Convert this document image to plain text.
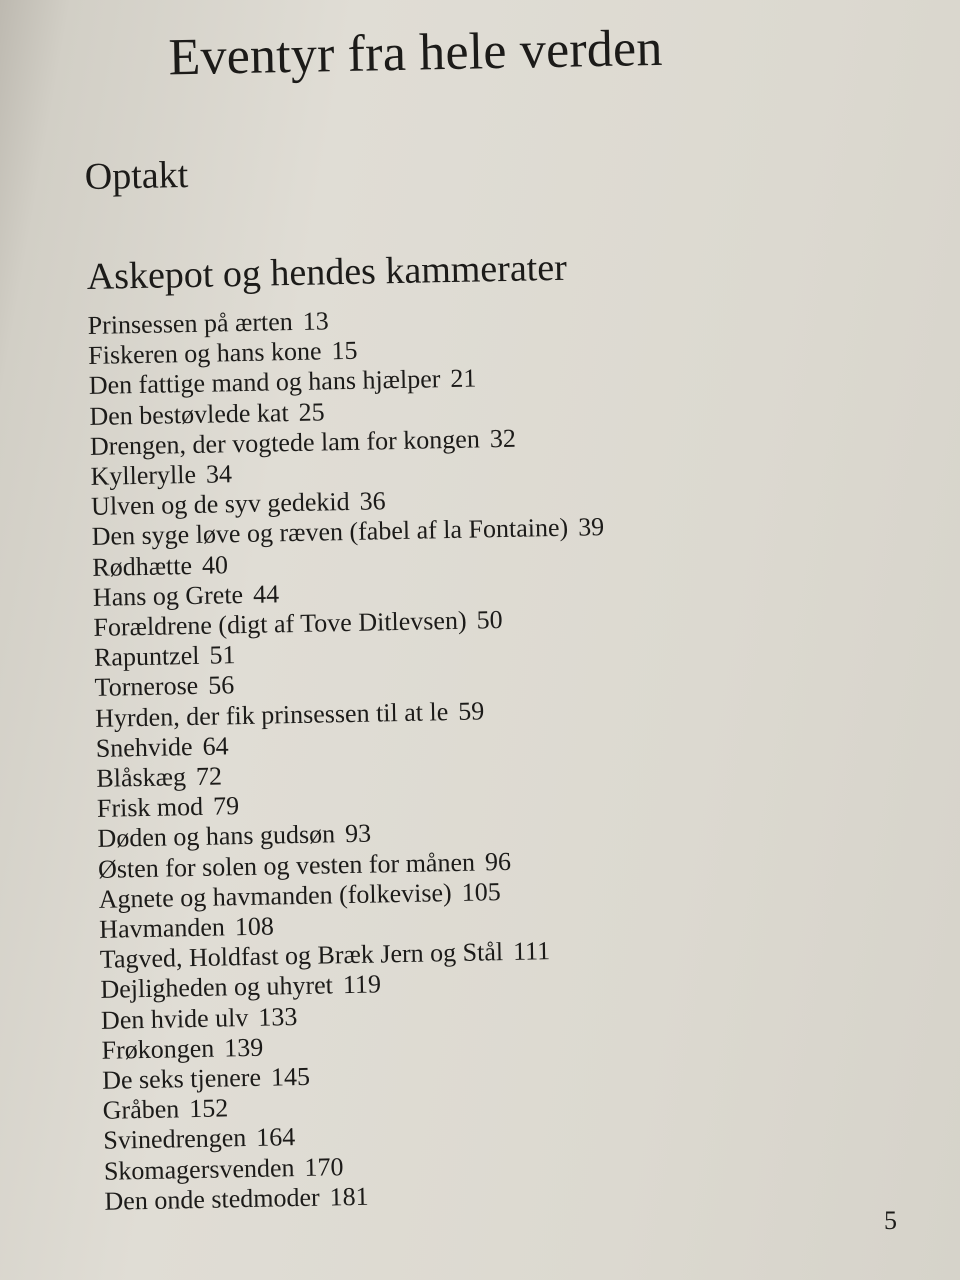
Eventyr fra hele verden
Optakt
Askepot og hendes kammerater
Prinsessen på ærten 13
Fiskeren og hans kone 15
Den fattige mand og hans hjælper 21
Den bestøvlede kat 25
Drengen, der vogtede lam for kongen 32
Kyllerylle 34
Ulven og de syv gedekid 36
Den syge løve og ræven (fabel af la Fontaine) 39
Rødhætte 40
Hans og Grete 44
Forældrene (digt af Tove Ditlevsen) 50
Rapuntzel 51
Tornerose 56
Hyrden, der fik prinsessen til at le 59
Snehvide 64
Blåskæg 72
Frisk mod 79
Døden og hans gudsøn 93
Østen for solen og vesten for månen 96
Agnete og havmanden (folkevise) 105
Havmanden 108
Tagved, Holdfast og Bræk Jern og Stål 111
Dejligheden og uhyret 119
Den hvide ulv 133
Frøkongen 139
De seks tjenere 145
Gråben 152
Svinedrengen 164
Skomagersvenden 170
Den onde stedmoder 181
5
